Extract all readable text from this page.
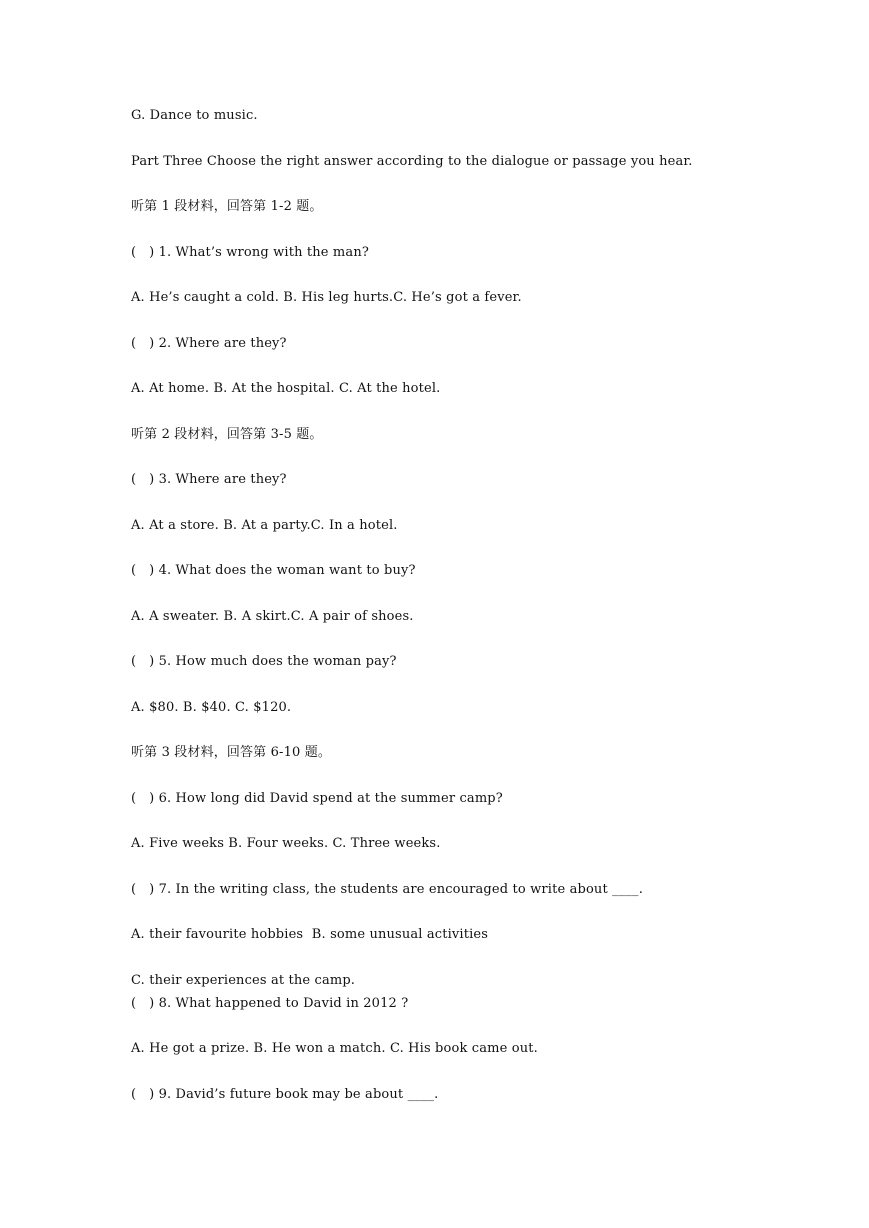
G. Dance to music.
Part Three Choose the right answer according to the dialogue or passage you hear.
听第 1 段材料，回答第 1-2 题。
(   ) 1. What’s wrong with the man?
A. He’s caught a cold. B. His leg hurts.C. He’s got a fever.
(   ) 2. Where are they?
A. At home. B. At the hospital. C. At the hotel.
听第 2 段材料，回答第 3-5 题。
(   ) 3. Where are they?
A. At a store. B. At a party.C. In a hotel.
(   ) 4. What does the woman want to buy?
A. A sweater. B. A skirt.C. A pair of shoes.
(   ) 5. How much does the woman pay?
A. $80. B. $40. C. $120.
听第 3 段材料，回答第 6-10 题。
(   ) 6. How long did David spend at the summer camp?
A. Five weeks B. Four weeks. C. Three weeks.
(   ) 7. In the writing class, the students are encouraged to write about ____.
A. their favourite hobbies  B. some unusual activities
C. their experiences at the camp.
(   ) 8. What happened to David in 2012 ?
A. He got a prize. B. He won a match. C. His book came out.
(   ) 9. David’s future book may be about ____.
